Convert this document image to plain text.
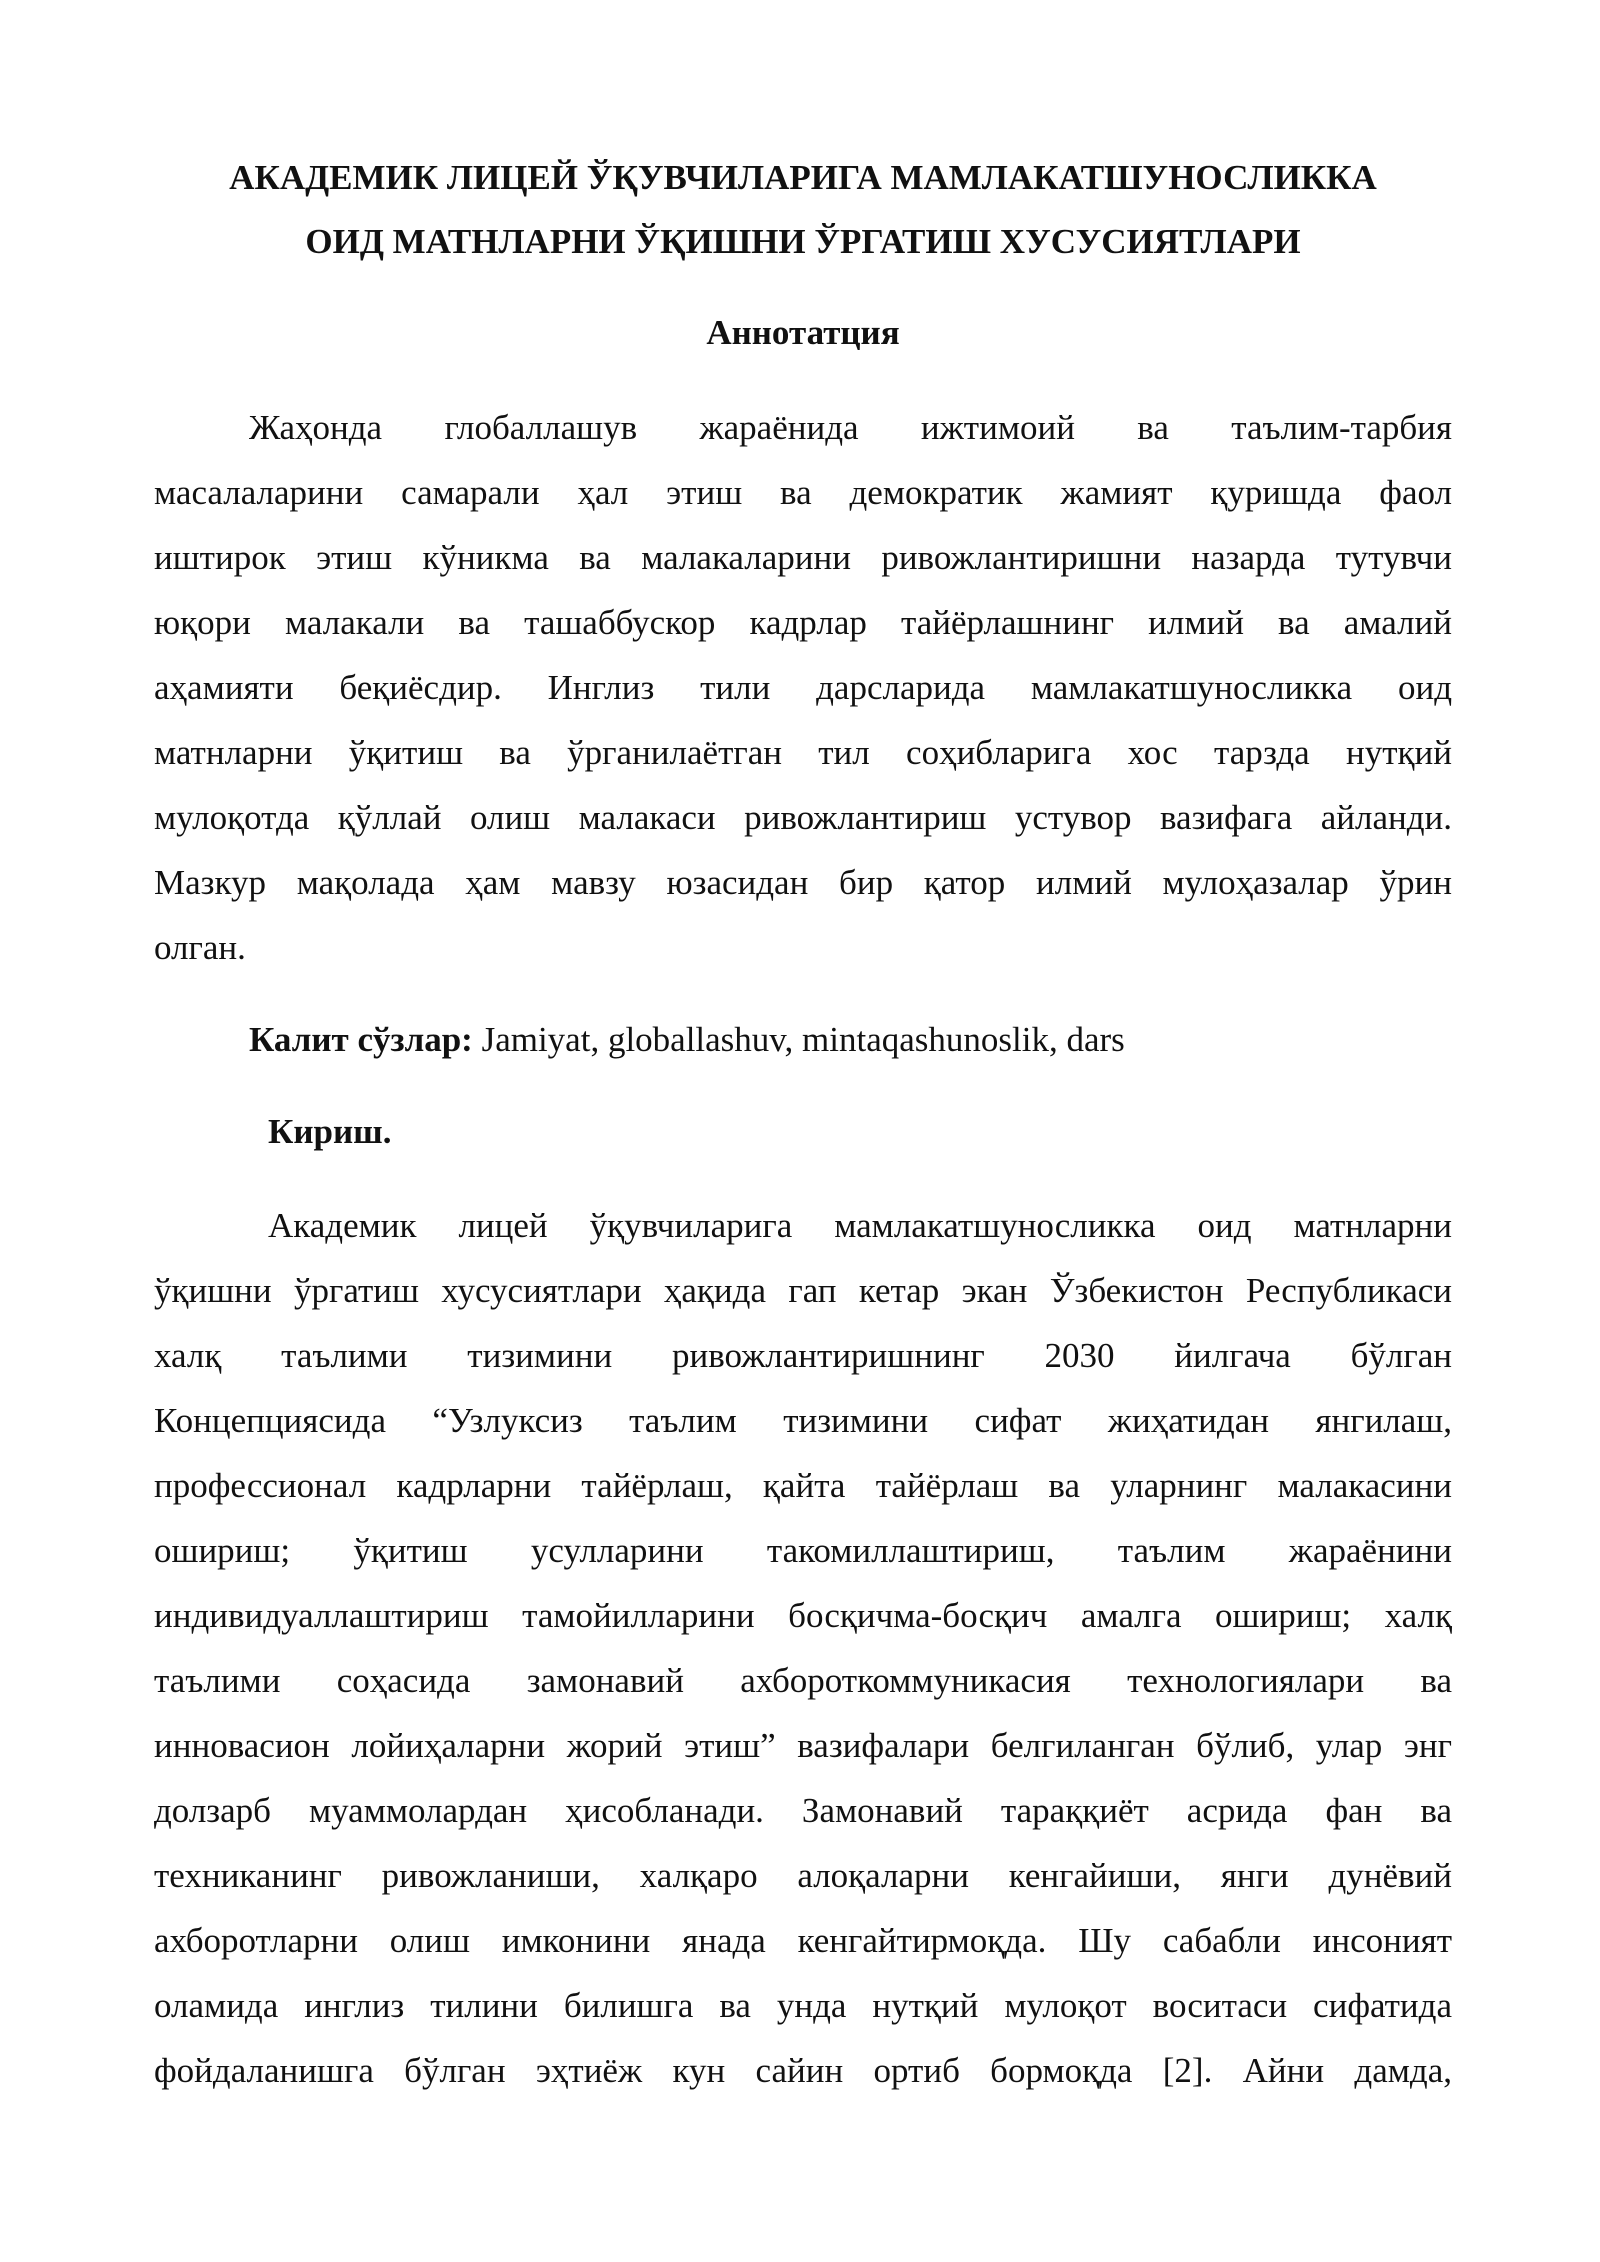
АКАДЕМИК ЛИЦЕЙ ЎҚУВЧИЛАРИГА МАМЛАКАТШУНОСЛИККА
ОИД МАТНЛАРНИ ЎҚИШНИ ЎРГАТИШ ХУСУСИЯТЛАРИ
Аннотатция

Жаҳонда глобаллашув жараёнида ижтимоий ва таълим-тарбия
масалаларини самарали ҳал этиш ва демократик жамият қуришда фаол
иштирок этиш кўникма ва малакаларини ривожлантиришни назарда тутувчи
юқори малакали ва ташаббускор кадрлар тайёрлашнинг илмий ва амалий
аҳамияти беқиёсдир. Инглиз тили дарсларида мамлакатшуносликка оид
матнларни ўқитиш ва ўрганилаётган тил соҳибларига хос тарзда нутқий
мулоқотда қўллай олиш малакаси ривожлантириш устувор вазифага айланди.
Мазкур мақолада ҳам мавзу юзасидан бир қатор илмий мулоҳазалар ўрин
олган.

Калит сўзлар: Jamiyat, globallashuv, mintaqashunoslik, dars

Кириш.

Академик лицей ўқувчиларига мамлакатшуносликка оид матнларни
ўқишни ўргатиш хусусиятлари ҳақида гап кетар экан Ўзбекистон Республикаси
халқ таълими тизимини ривожлантиришнинг 2030 йилгача бўлган
Концепциясида “Узлуксиз таълим тизимини сифат жиҳатидан янгилаш,
профессионал кадрларни тайёрлаш, қайта тайёрлаш ва уларнинг малакасини
ошириш; ўқитиш усулларини такомиллаштириш, таълим жараёнини
индивидуаллаштириш тамойилларини босқичма-босқич амалга ошириш; халқ
таълими соҳасида замонавий ахбороткоммуникасия технологиялари ва
инновасион лойиҳаларни жорий этиш” вазифалари белгиланган бўлиб, улар энг
долзарб муаммолардан ҳисобланади. Замонавий тараққиёт асрида фан ва
техниканинг ривожланиши, халқаро алоқаларни кенгайиши, янги дунёвий
ахборотларни олиш имконини янада кенгайтирмоқда. Шу сабабли инсоният
оламида инглиз тилини билишга ва унда нутқий мулоқот воситаси сифатида
фойдаланишга бўлган эҳтиёж кун сайин ортиб бормоқда [2]. Айни дамда,
